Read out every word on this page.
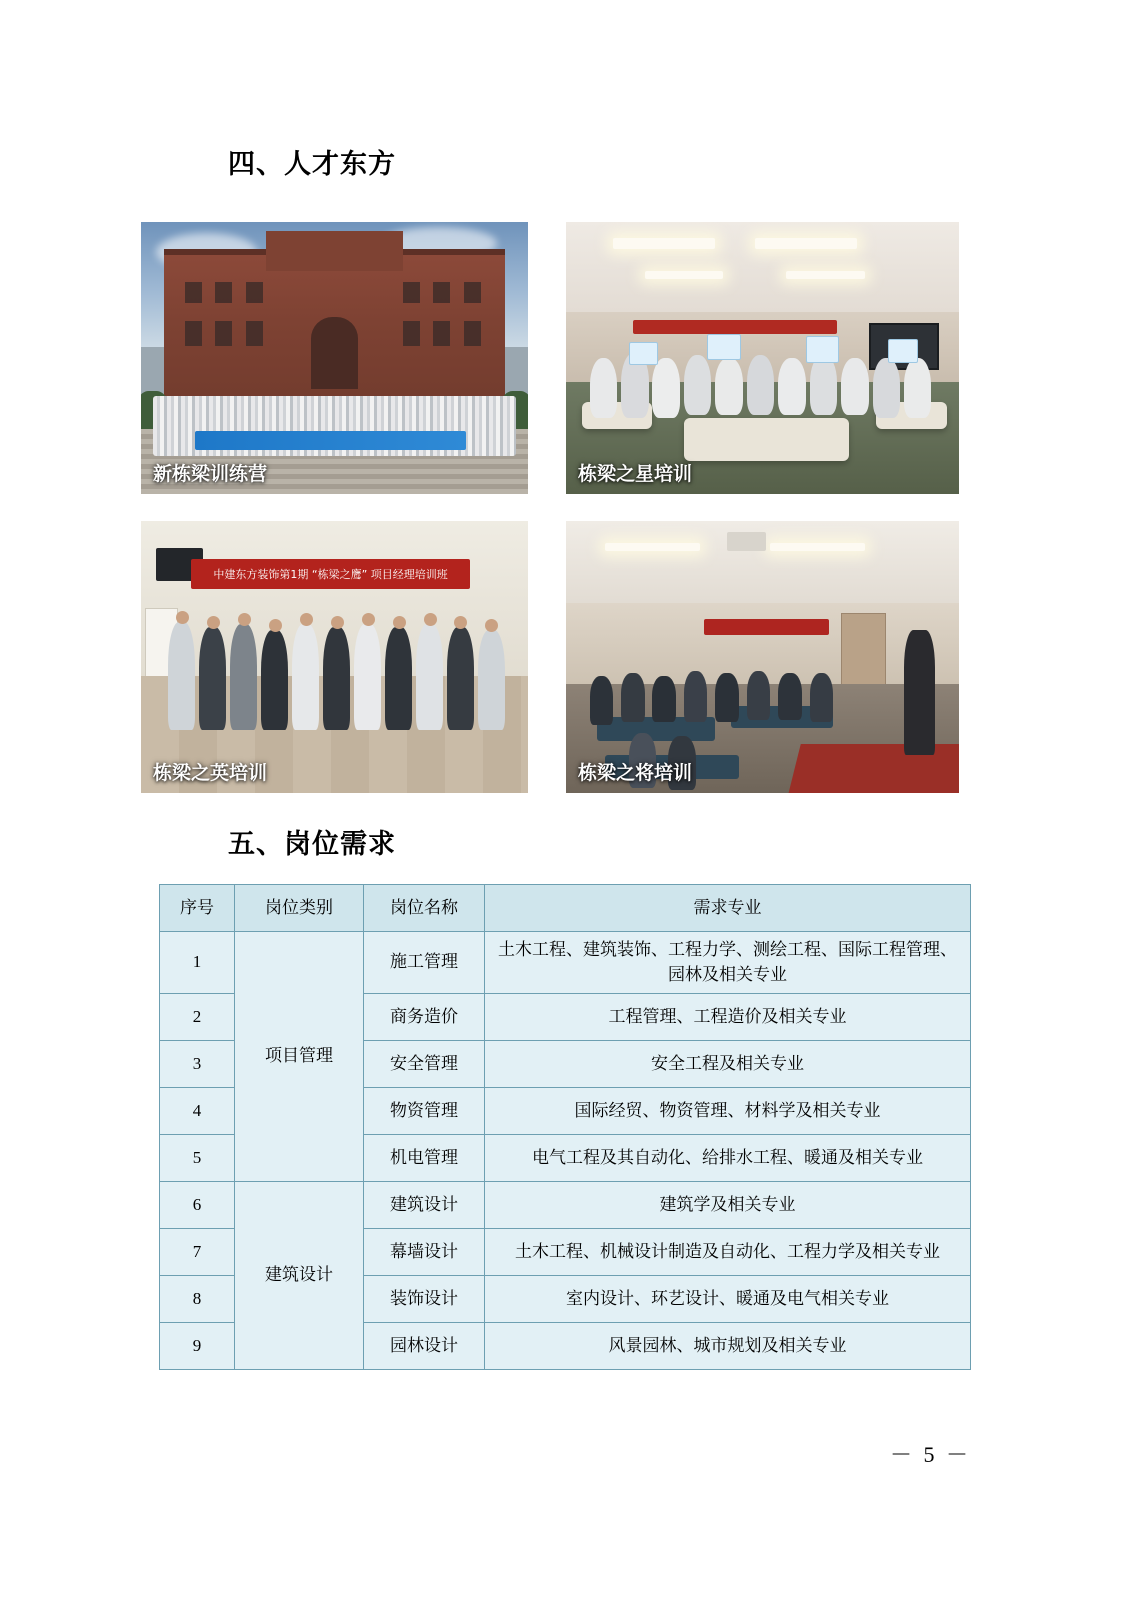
四、人才东方
新栋梁训练营	栋梁之星培训
中建东方装饰第1期 “栋梁之鹰” 项目经理培训班
栋梁之英培训	栋梁之将培训
五、岗位需求
序号	岗位类别	岗位名称	需求专业
1	项目管理	施工管理	土木工程、建筑装饰、工程力学、测绘工程、国际工程管理、园林及相关专业
2		商务造价	工程管理、工程造价及相关专业
3		安全管理	安全工程及相关专业
4		物资管理	国际经贸、物资管理、材料学及相关专业
5		机电管理	电气工程及其自动化、给排水工程、暖通及相关专业
6	建筑设计	建筑设计	建筑学及相关专业
7		幕墙设计	土木工程、机械设计制造及自动化、工程力学及相关专业
8		装饰设计	室内设计、环艺设计、暖通及电气相关专业
9		园林设计	风景园林、城市规划及相关专业
－ 5 －
